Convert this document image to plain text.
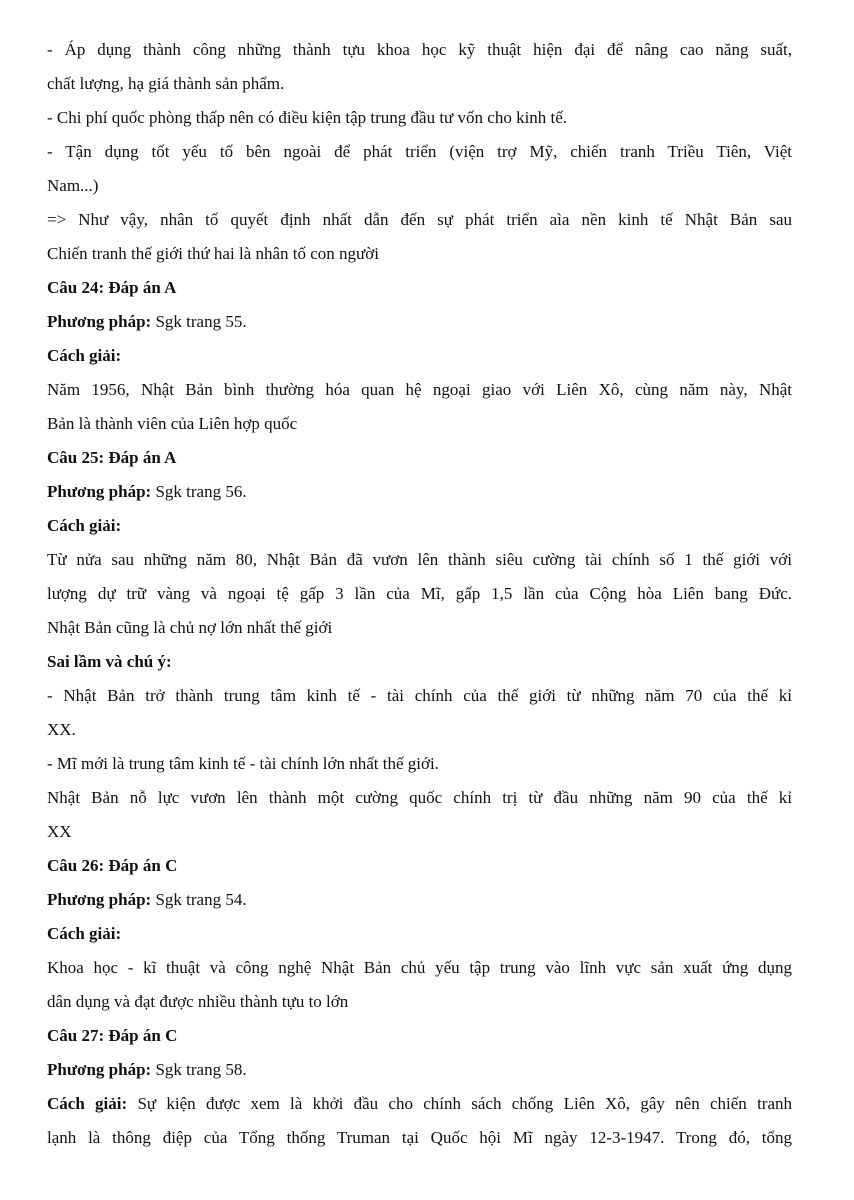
- Áp dụng thành công những thành tựu khoa học kỹ thuật hiện đại để nâng cao năng suất,
chất lượng, hạ giá thành sản phẩm.
- Chi phí quốc phòng thấp nên có điều kiện tập trung đầu tư vốn cho kinh tế.
- Tận dụng tốt yếu tố bên ngoài để phát triển (viện trợ Mỹ, chiến tranh Triều Tiên, Việt
Nam...)
=> Như vậy, nhân tố quyết định nhất dẫn đến sự phát triển aìa nền kinh tế Nhật Bản sau
Chiến tranh thế giới thứ hai là nhân tố con người
Câu 24: Đáp án A
Phương pháp: Sgk trang 55.
Cách giải:
Năm 1956, Nhật Bản bình thường hóa quan hệ ngoại giao với Liên Xô, cùng năm này, Nhật
Bản là thành viên của Liên hợp quốc
Câu 25: Đáp án A
Phương pháp: Sgk trang 56.
Cách giải:
Từ nửa sau những năm 80, Nhật Bản đã vươn lên thành siêu cường tài chính số 1 thế giới với
lượng dự trữ vàng và ngoại tệ gấp 3 lần của Mĩ, gấp 1,5 lần của Cộng hòa Liên bang Đức.
Nhật Bản cũng là chủ nợ lớn nhất thế giới
Sai lầm và chú ý:
- Nhật Bản trở thành trung tâm kinh tế - tài chính của thế giới từ những năm 70 của thế kỉ
XX.
- Mĩ mới là trung tâm kinh tế - tài chính lớn nhất thế giới.
Nhật Bản nỗ lực vươn lên thành một cường quốc chính trị từ đầu những năm 90 của thế kỉ
XX
Câu 26: Đáp án C
Phương pháp: Sgk trang 54.
Cách giải:
Khoa học - kĩ thuật và công nghệ Nhật Bản chủ yếu tập trung vào lĩnh vực sản xuất ứng dụng
dân dụng và đạt được nhiều thành tựu to lớn
Câu 27: Đáp án C
Phương pháp: Sgk trang 58.
Cách giải: Sự kiện được xem là khởi đầu cho chính sách chống Liên Xô, gây nên chiến tranh
lạnh là thông điệp của Tổng thống Truman tại Quốc hội Mĩ ngày 12-3-1947. Trong đó, tổng
